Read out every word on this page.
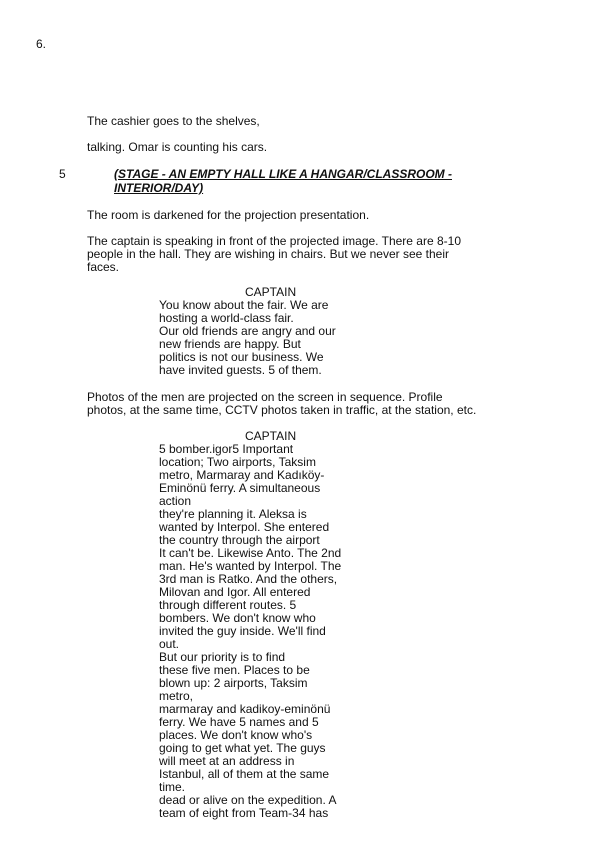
6.
The cashier goes to the shelves,
talking. Omar is counting his cars.
5	(STAGE - AN EMPTY HALL LIKE A HANGAR/CLASSROOM -
INTERIOR/DAY)
The room is darkened for the projection presentation.
The captain is speaking in front of the projected image. There are 8-10
people in the hall. They are wishing in chairs. But we never see their
faces.
CAPTAIN
You know about the fair. We are
hosting a world-class fair.
Our old friends are angry and our
new friends are happy. But
politics is not our business. We
have invited guests. 5 of them.
Photos of the men are projected on the screen in sequence. Profile
photos, at the same time, CCTV photos taken in traffic, at the station, etc.
CAPTAIN
5 bomber.igor5 Important
location; Two airports, Taksim
metro, Marmaray and Kadıköy-
Eminönü ferry. A simultaneous
action
they're planning it. Aleksa is
wanted by Interpol. She entered
the country through the airport
It can't be. Likewise Anto. The 2nd
man. He's wanted by Interpol. The
3rd man is Ratko. And the others,
Milovan and Igor. All entered
through different routes. 5
bombers. We don't know who
invited the guy inside. We'll find
out.
But our priority is to find
these five men. Places to be
blown up: 2 airports, Taksim
metro,
marmaray and kadikoy-eminönü
ferry. We have 5 names and 5
places. We don't know who's
going to get what yet. The guys
will meet at an address in
Istanbul, all of them at the same
time.
dead or alive on the expedition. A
team of eight from Team-34 has
